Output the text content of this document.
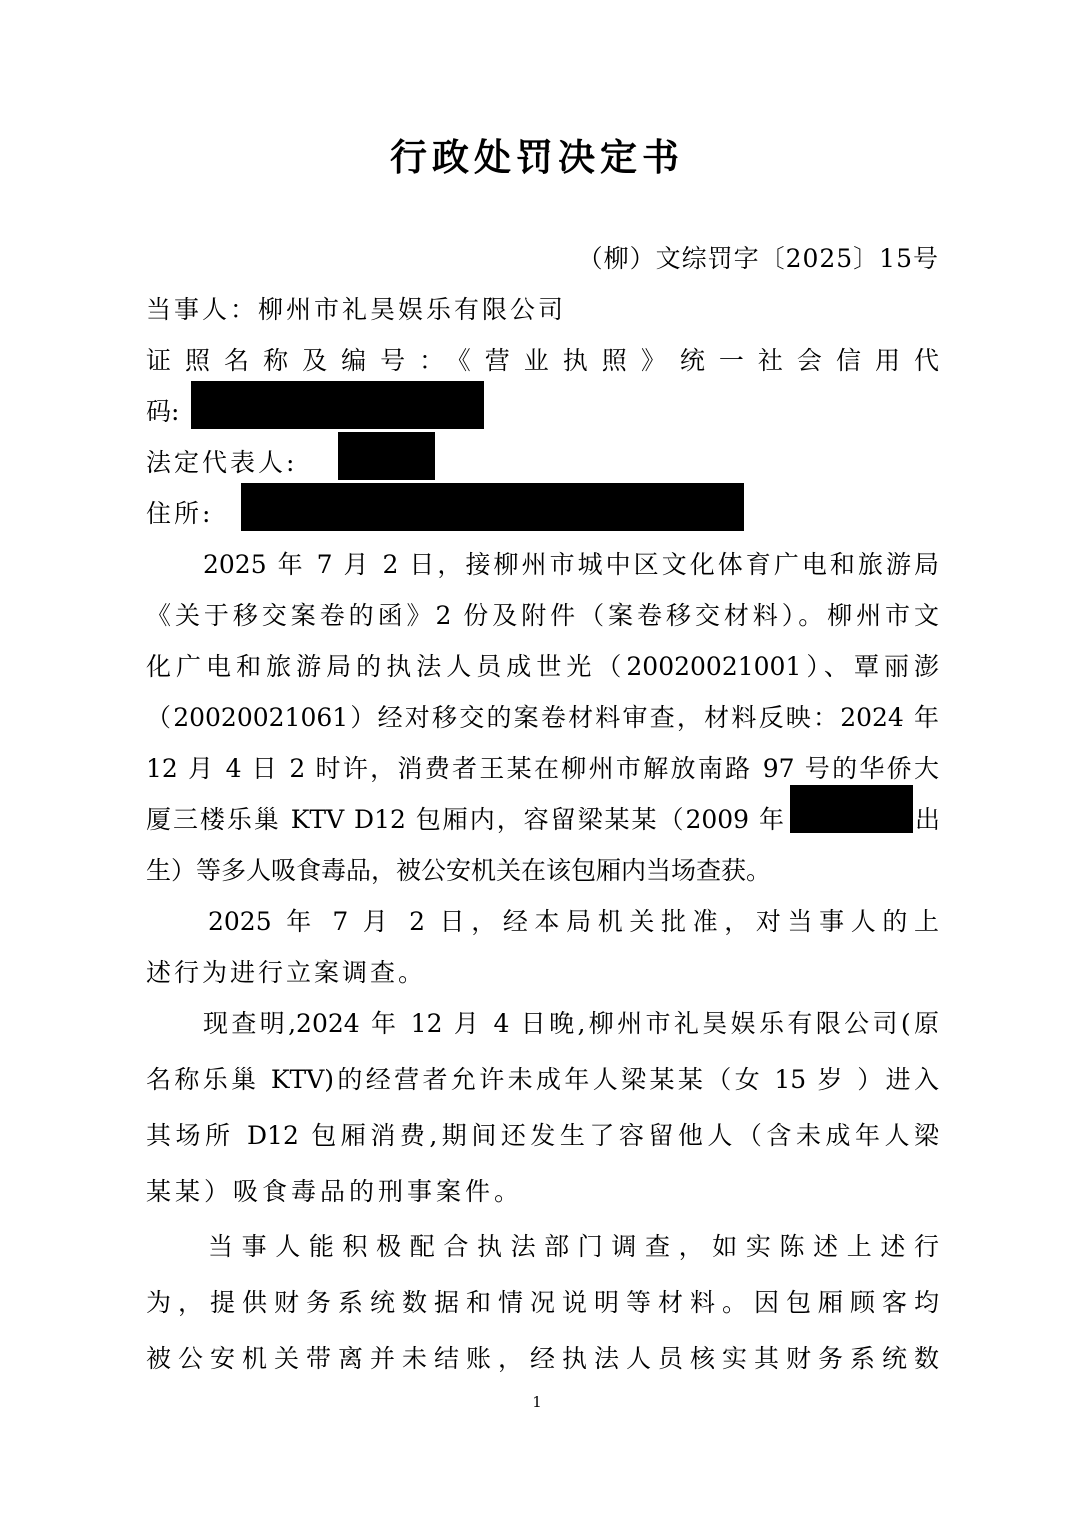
行政处罚决定书
（柳）文综罚字〔2025〕15号
当事人：柳州市礼昊娱乐有限公司
证照名称及编号：《营业执照》统一社会信用代
码:
法定代表人:
住所:
2025 年 7 月 2 日，接柳州市城中区文化体育广电和旅游局
《关于移交案卷的函》2 份及附件（案卷移交材料）。柳州市文
化广电和旅游局的执法人员成世光（20020021001）、覃丽澎
（20020021061）经对移交的案卷材料审查，材料反映：2024 年
12 月 4 日 2 时许，消费者王某在柳州市解放南路 97 号的华侨大
厦三楼乐巢 KTV D12 包厢内，容留梁某某（2009 年	出
生）等多人吸食毒品，被公安机关在该包厢内当场查获。
2025 年 7 月 2 日，经本局机关批准，对当事人的上
述行为进行立案调查。
现查明,2024 年 12 月 4 日晚,柳州市礼昊娱乐有限公司(原
名称乐巢 KTV)的经营者允许未成年人梁某某（女 15 岁 ）进入
其场所 D12 包厢消费,期间还发生了容留他人（含未成年人梁
某某）吸食毒品的刑事案件。
当事人能积极配合执法部门调查，如实陈述上述行
为，提供财务系统数据和情况说明等材料。因包厢顾客均
被公安机关带离并未结账，经执法人员核实其财务系统数
1
